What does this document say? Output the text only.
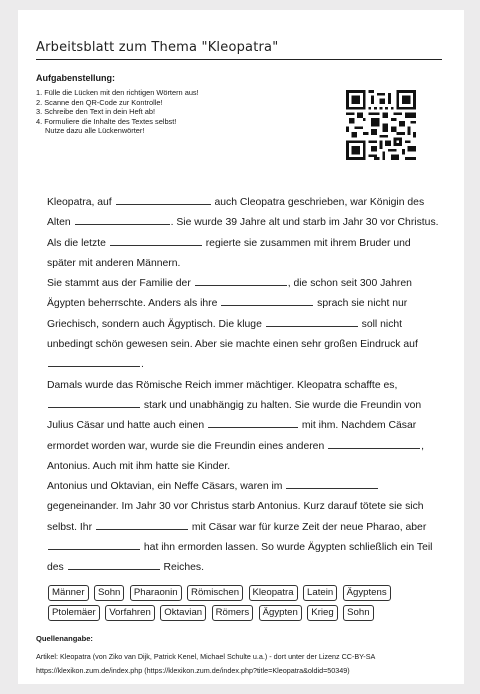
Arbeitsblatt zum Thema "Kleopatra"
Aufgabenstellung:
1. Fülle die Lücken mit den richtigen Wörtern aus!
2. Scanne den QR-Code zur Kontrolle!
3. Schreibe den Text in dein Heft ab!
4. Formuliere die Inhalte des Textes selbst!
Nutze dazu alle Lückenwörter!
Kleopatra, auf	auch Cleopatra geschrieben, war Königin des
Alten	. Sie wurde 39 Jahre alt und starb im Jahr 30 vor Christus.
Als die letzte	regierte sie zusammen mit ihrem Bruder und
später mit anderen Männern.
Sie stammt aus der Familie der	, die schon seit 300 Jahren
Ägypten beherrschte. Anders als ihre	sprach sie nicht nur
Griechisch, sondern auch Ägyptisch. Die kluge	soll nicht
unbedingt schön gewesen sein. Aber sie machte einen sehr großen Eindruck auf
.
Damals wurde das Römische Reich immer mächtiger. Kleopatra schaffte es,
stark und unabhängig zu halten. Sie wurde die Freundin von
Julius Cäsar und hatte auch einen	mit ihm. Nachdem Cäsar
ermordet worden war, wurde sie die Freundin eines anderen	,
Antonius. Auch mit ihm hatte sie Kinder.
Antonius und Oktavian, ein Neffe Cäsars, waren im
gegeneinander. Im Jahr 30 vor Christus starb Antonius. Kurz darauf tötete sie sich
selbst. Ihr	mit Cäsar war für kurze Zeit der neue Pharao, aber
hat ihn ermorden lassen. So wurde Ägypten schließlich ein Teil
des	Reiches.
Männer Sohn Pharaonin Römischen Kleopatra Latein Ägyptens
Ptolemäer Vorfahren Oktavian Römers Ägypten Krieg Sohn
Quellenangabe:
Artikel: Kleopatra (von Ziko van Dijk, Patrick Kenel, Michael Schulte u.a.) - dort unter der Lizenz CC-BY-SA
https://klexikon.zum.de/index.php (https://klexikon.zum.de/index.php?title=Kleopatra&oldid=50349)
